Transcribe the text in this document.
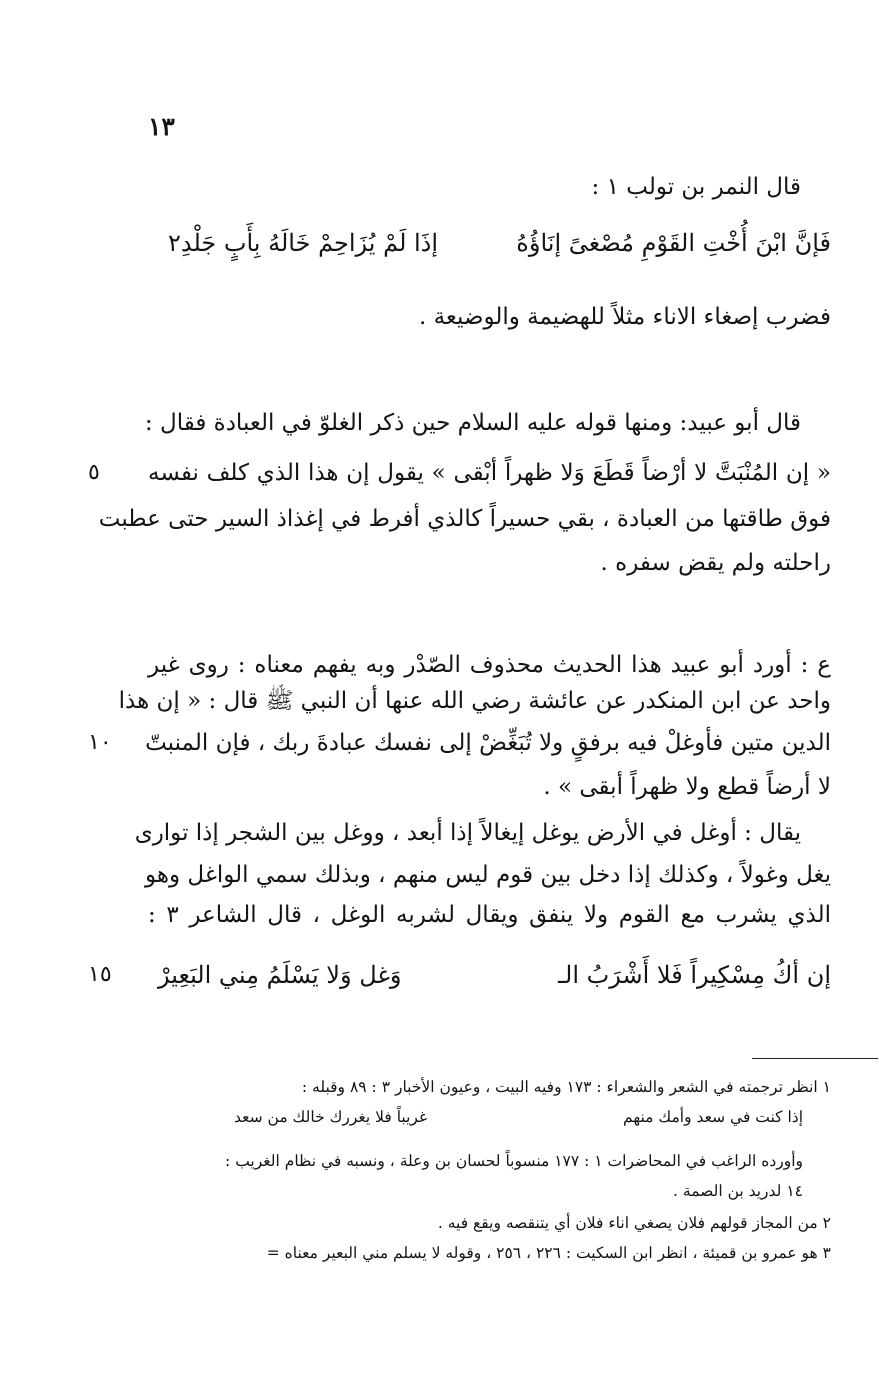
١٣
قال النمر بن تولب ١ :
فَإنَّ ابْنَ أُخْتِ القَوْمِ مُصْغىً إنَاؤُهُ
إذَا لَمْ يُزَاحِمْ خَالَهُ بِأَبٍ جَلْدِ٢
فضرب إصغاء الاناء مثلاً للهضيمة والوضيعة .
قال أبو عبيد: ومنها قوله عليه السلام حين ذكر الغلوّ في العبادة فقال :
« إن المُنْبَتَّ لا أرْضاً قَطَعَ وَلا ظهراً أبْقى » يقول إن هذا الذي كلف نفسه
فوق طاقتها من العبادة ، بقي حسيراً كالذي أفرط في إغذاذ السير حتى عطبت
راحلته ولم يقض سفره .
٥
ع : أورد أبو عبيد هذا الحديث محذوف الصّدْر وبه يفهم معناه : روى غير
واحد عن ابن المنكدر عن عائشة رضي الله عنها أن النبي ﷺ قال : « إن هذا
الدين متين فأوغلْ فيه برفقٍ ولا تُبَغِّضْ إلى نفسك عبادةَ ربك ، فإن المنبتّ
لا أرضاً قطع ولا ظهراً أبقى » .
١٠
يقال : أوغل في الأرض يوغل إيغالاً إذا أبعد ، ووغل بين الشجر إذا توارى
يغل وغولاً ، وكذلك إذا دخل بين قوم ليس منهم ، وبذلك سمي الواغل وهو
الذي يشرب مع القوم ولا ينفق ويقال لشربه الوغل ، قال الشاعر ٣ :
إن أكُ مِسْكِيراً فَلا أَشْرَبُ الـ
وَغل وَلا يَسْلَمُ مِني البَعِيرْ
١٥
١ انظر ترجمته في الشعر والشعراء : ١٧٣ وفيه البيت ، وعيون الأخبار ٣ : ٨٩ وقبله :
إذا كنت في سعد وأمك منهم
غريباً فلا يغررك خالك من سعد
وأورده الراغب في المحاضرات ١ : ١٧٧ منسوباً لحسان بن وعلة ، ونسبه في نظام الغريب :
١٤ لدريد بن الصمة .
٢ من المجاز قولهم فلان يصغي اناء فلان أي يتنقصه ويقع فيه .
٣ هو عمرو بن قميئة ، انظر ابن السكيت : ٢٢٦ ، ٢٥٦ ، وقوله لا يسلم مني البعير معناه =
